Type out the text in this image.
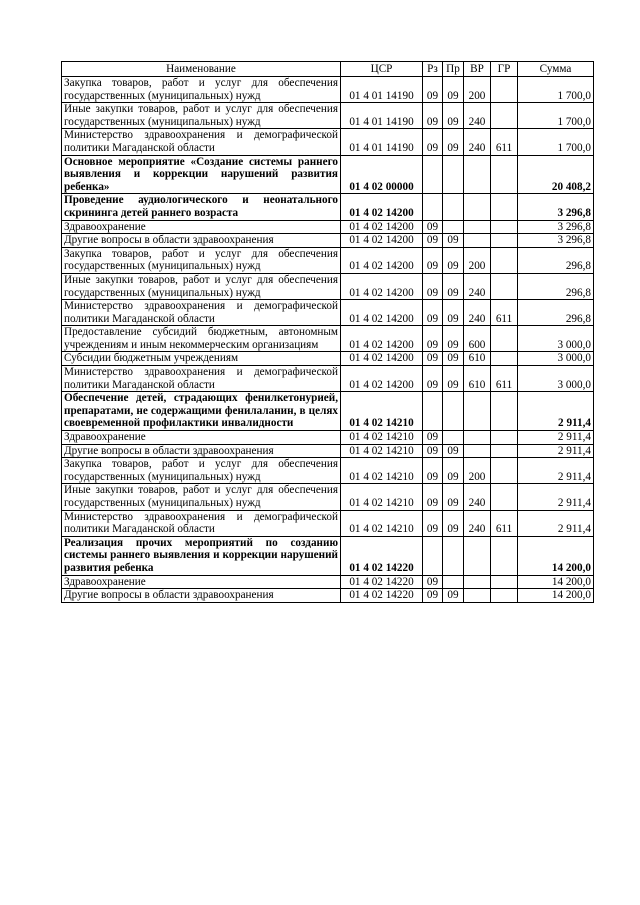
Наименование	ЦСР	Рз	Пр	ВР	ГР	Сумма
Закупка товаров, работ и услуг для обеспечения государственных (муниципальных) нужд	01 4 01 14190	09	09	200		1 700,0
Иные закупки товаров, работ и услуг для обеспечения государственных (муниципальных) нужд	01 4 01 14190	09	09	240		1 700,0
Министерство здравоохранения и демографической политики Магаданской области	01 4 01 14190	09	09	240	611	1 700,0
Основное мероприятие «Создание системы раннего выявления и коррекции нарушений развития ребенка»	01 4 02 00000					20 408,2
Проведение аудиологического и неонатального скрининга детей раннего возраста	01 4 02 14200					3 296,8
Здравоохранение	01 4 02 14200	09				3 296,8
Другие вопросы в области здравоохранения	01 4 02 14200	09	09			3 296,8
Закупка товаров, работ и услуг для обеспечения государственных (муниципальных) нужд	01 4 02 14200	09	09	200		296,8
Иные закупки товаров, работ и услуг для обеспечения государственных (муниципальных) нужд	01 4 02 14200	09	09	240		296,8
Министерство здравоохранения и демографической политики Магаданской области	01 4 02 14200	09	09	240	611	296,8
Предоставление субсидий бюджетным, автономным учреждениям и иным некоммерческим организациям	01 4 02 14200	09	09	600		3 000,0
Субсидии бюджетным учреждениям	01 4 02 14200	09	09	610		3 000,0
Министерство здравоохранения и демографической политики Магаданской области	01 4 02 14200	09	09	610	611	3 000,0
Обеспечение детей, страдающих фенилкетонурией, препаратами, не содержащими фенилаланин, в целях своевременной профилактики инвалидности	01 4 02 14210					2 911,4
Здравоохранение	01 4 02 14210	09				2 911,4
Другие вопросы в области здравоохранения	01 4 02 14210	09	09			2 911,4
Закупка товаров, работ и услуг для обеспечения государственных (муниципальных) нужд	01 4 02 14210	09	09	200		2 911,4
Иные закупки товаров, работ и услуг для обеспечения государственных (муниципальных) нужд	01 4 02 14210	09	09	240		2 911,4
Министерство здравоохранения и демографической политики Магаданской области	01 4 02 14210	09	09	240	611	2 911,4
Реализация прочих мероприятий по созданию системы раннего выявления и коррекции нарушений развития ребенка	01 4 02 14220					14 200,0
Здравоохранение	01 4 02 14220	09				14 200,0
Другие вопросы в области здравоохранения	01 4 02 14220	09	09			14 200,0
